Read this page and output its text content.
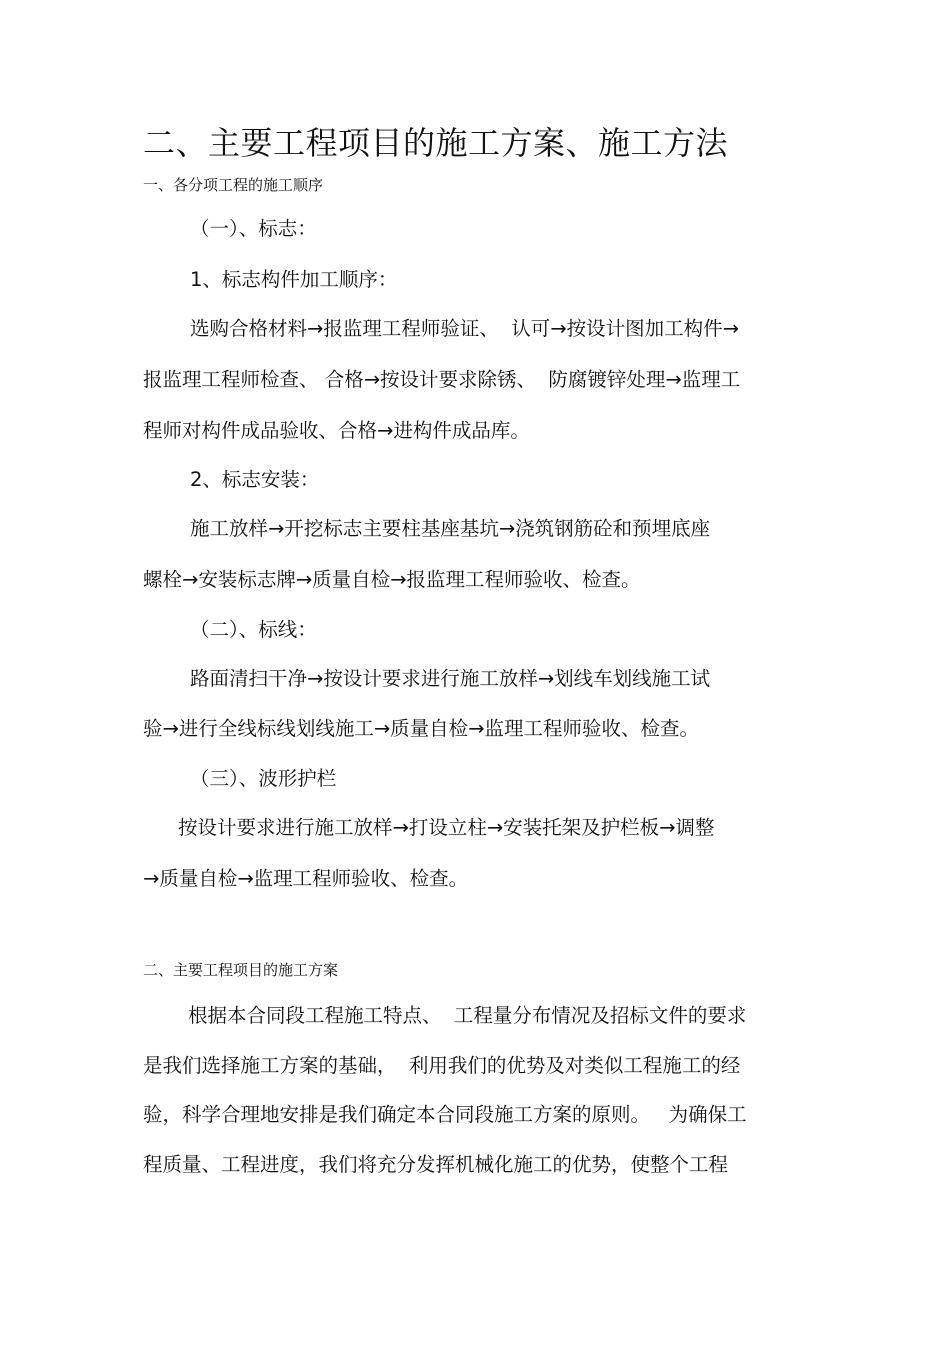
二、主要工程项目的施工方案、施工方法
一、各分项工程的施工顺序
（一）、标志：
1、标志构件加工顺序：
选购合格材料→报监理工程师验证、  认可→按设计图加工构件→
报监理工程师检查、 合格→按设计要求除锈、  防腐镀锌处理→监理工
程师对构件成品验收、合格→进构件成品库。
2、标志安装：
施工放样→开挖标志主要柱基座基坑→浇筑钢筋砼和预埋底座
螺栓→安装标志牌→质量自检→报监理工程师验收、检查。
（二）、标线：
路面清扫干净→按设计要求进行施工放样→划线车划线施工试
验→进行全线标线划线施工→质量自检→监理工程师验收、检查。
（三）、波形护栏
按设计要求进行施工放样→打设立柱→安装托架及护栏板→调整
→质量自检→监理工程师验收、检查。
二、主要工程项目的施工方案
根据本合同段工程施工特点、  工程量分布情况及招标文件的要求
是我们选择施工方案的基础，  利用我们的优势及对类似工程施工的经
验，科学合理地安排是我们确定本合同段施工方案的原则。   为确保工
程质量、工程进度，我们将充分发挥机械化施工的优势，使整个工程
